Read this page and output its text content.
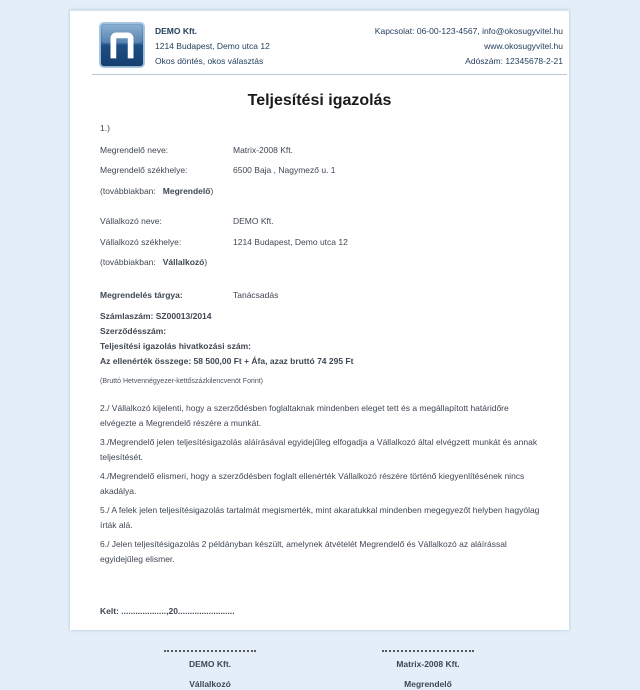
DEMO Kft.
1214 Budapest, Demo utca 12
Okos döntés, okos választás
Kapcsolat: 06-00-123-4567, info@okosugyvitel.hu
www.okosugyvitel.hu
Adószám: 12345678-2-21
Teljesítési igazolás

1.)

Megrendelő neve:	Matrix-2008 Kft.
Megrendelő székhelye:	6500 Baja , Nagymező u. 1
(továbbiakban: Megrendelő)
Vállalkozó neve:	DEMO Kft.
Vállalkozó székhelye:	1214 Budapest, Demo utca 12
(továbbiakban: Vállalkozó)
Megrendelés tárgya:	Tanácsadás
Számlaszám: SZ00013/2014
Szerződésszám:
Teljesítési igazolás hivatkozási szám:
Az ellenérték összege: 58 500,00 Ft + Áfa, azaz bruttó 74 295 Ft
(Bruttó Hetvennégyezer-kettőszázkilencvenöt Forint)

2./ Vállalkozó kijelenti, hogy a szerződésben foglaltaknak mindenben eleget tett és a megállapított határidőre elvégezte a Megrendelő részére a munkát.

3./Megrendelő jelen teljesítésigazolás aláírásával egyidejűleg elfogadja a Vállalkozó által elvégzett munkát és annak teljesítését.

4./Megrendelő elismeri, hogy a szerződésben foglalt ellenérték Vállalkozó részére történő kiegyenlítésének nincs akadálya.

5./ A felek jelen teljesítésigazolás tartalmát megismerték, mint akaratukkal mindenben megegyezőt helyben hagyólag írták alá.

6./ Jelen teljesítésigazolás 2 példányban készült, amelynek átvételét Megrendelő és Vállalkozó az aláírással egyidejűleg elismer.

Kelt: ...................,20........................
DEMO Kft.
Vállalkozó
Matrix-2008 Kft.
Megrendelő
